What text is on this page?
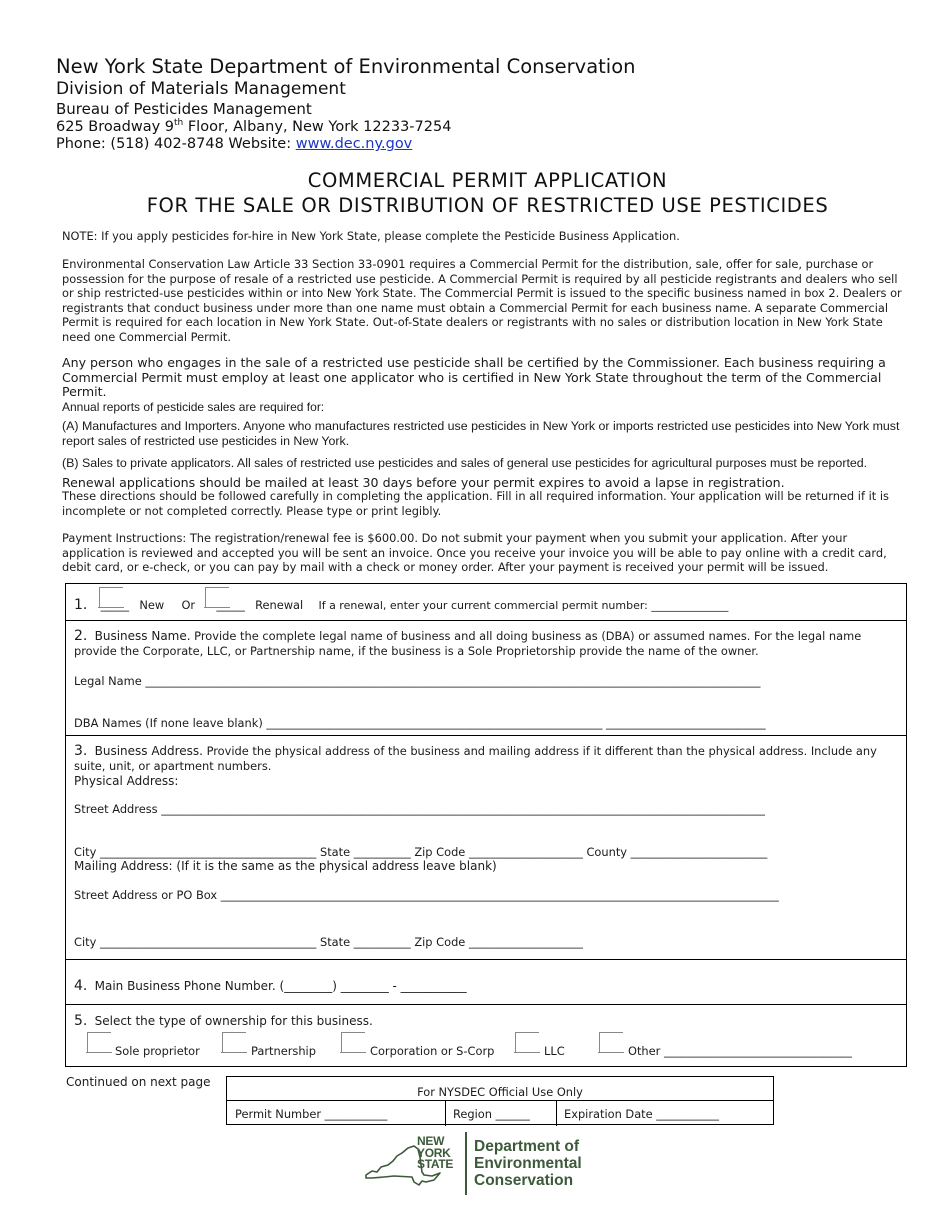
New York State Department of Environmental Conservation
Division of Materials Management
Bureau of Pesticides Management
625 Broadway 9th Floor, Albany, New York 12233-7254
Phone: (518) 402-8748 Website: www.dec.ny.gov
COMMERCIAL PERMIT APPLICATION
FOR THE SALE OR DISTRIBUTION OF RESTRICTED USE PESTICIDES
NOTE: If you apply pesticides for-hire in New York State, please complete the Pesticide Business Application.
Environmental Conservation Law Article 33 Section 33-0901 requires a Commercial Permit for the distribution, sale, offer for sale, purchase or possession for the purpose of resale of a restricted use pesticide. A Commercial Permit is required by all pesticide registrants and dealers who sell or ship restricted-use pesticides within or into New York State. The Commercial Permit is issued to the specific business named in box 2. Dealers or registrants that conduct business under more than one name must obtain a Commercial Permit for each business name. A separate Commercial Permit is required for each location in New York State. Out-of-State dealers or registrants with no sales or distribution location in New York State need one Commercial Permit.
Any person who engages in the sale of a restricted use pesticide shall be certified by the Commissioner. Each business requiring a Commercial Permit must employ at least one applicator who is certified in New York State throughout the term of the Commercial Permit.
Annual reports of pesticide sales are required for:
(A) Manufactures and Importers. Anyone who manufactures restricted use pesticides in New York or imports restricted use pesticides into New York must report sales of restricted use pesticides in New York.
(B) Sales to private applicators. All sales of restricted use pesticides and sales of general use pesticides for agricultural purposes must be reported.
Renewal applications should be mailed at least 30 days before your permit expires to avoid a lapse in registration.
These directions should be followed carefully in completing the application. Fill in all required information. Your application will be returned if it is incomplete or not completed correctly. Please type or print legibly.
Payment Instructions: The registration/renewal fee is $600.00. Do not submit your payment when you submit your application. After your application is reviewed and accepted you will be sent an invoice. Once you receive your invoice you will be able to pay online with a credit card, debit card, or e-check, or you can pay by mail with a check or money order. After your payment is received your permit will be issued.
1. _____ New Or _____ Renewal If a renewal, enter your current commercial permit number: ______________
2. Business Name. Provide the complete legal name of business and all doing business as (DBA) or assumed names. For the legal name provide the Corporate, LLC, or Partnership name, if the business is a Sole Proprietorship provide the name of the owner.
Legal Name ____________________________________________________________________________________________________________
DBA Names (If none leave blank) ___________________________________________________________ ____________________________
3. Business Address. Provide the physical address of the business and mailing address if it different than the physical address. Include any suite, unit, or apartment numbers.
Physical Address:
Street Address __________________________________________________________________________________________________________
City ______________________________________ State __________ Zip Code ____________________ County ________________________
Mailing Address: (If it is the same as the physical address leave blank)
Street Address or PO Box __________________________________________________________________________________________________
City ______________________________________ State __________ Zip Code ____________________
4. Main Business Phone Number. (________) ________ - ___________
5. Select the type of ownership for this business.
Sole proprietor	Partnership	Corporation or S-Corp	LLC	Other _________________________________
Continued on next page
For NYSDEC Official Use Only
Permit Number ___________	Region ______	Expiration Date ___________
NEW
YORK
STATE
Department of
Environmental
Conservation
